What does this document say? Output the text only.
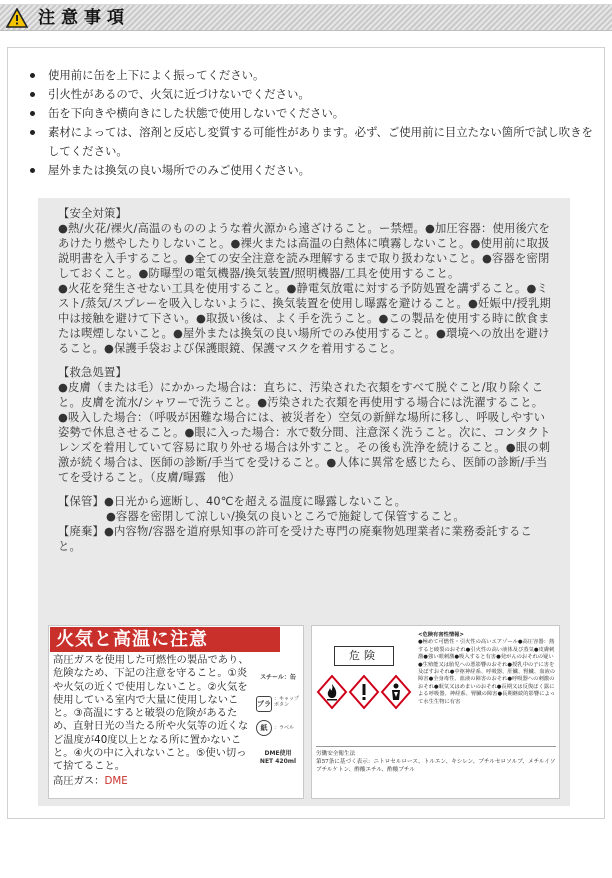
注意事項
使用前に缶を上下によく振ってください。
引火性があるので、火気に近づけないでください。
缶を下向きや横向きにした状態で使用しないでください。
素材によっては、溶剤と反応し変質する可能性があります。必ず、ご使用前に目立たない箇所で試し吹きをしてください。
屋外または換気の良い場所でのみご使用ください。
【安全対策】
●熱/火花/裸火/高温のもののような着火源から遠ざけること。ー禁煙。●加圧容器：使用後穴をあけたり燃やしたりしないこと。●裸火または高温の白熱体に噴霧しないこと。●使用前に取扱説明書を入手すること。●全ての安全注意を読み理解するまで取り扱わないこと。●容器を密閉しておくこと。●防曝型の電気機器/換気装置/照明機器/工具を使用すること。
●火花を発生させない工具を使用すること。●静電気放電に対する予防処置を講ずること。●ミスト/蒸気/スプレーを吸入しないように、換気装置を使用し曝露を避けること。●妊娠中/授乳期中は接触を避けて下さい。●取扱い後は、よく手を洗うこと。●この製品を使用する時に飲食または喫煙しないこと。●屋外または換気の良い場所でのみ使用すること。●環境への放出を避けること。●保護手袋および保護眼鏡、保護マスクを着用すること。
【救急処置】
●皮膚（または毛）にかかった場合は：直ちに、汚染された衣類をすべて脱ぐこと/取り除くこと。皮膚を流水/シャワーで洗うこと。●汚染された衣類を再使用する場合には洗濯すること。●吸入した場合：（呼吸が困難な場合には、被災者を）空気の新鮮な場所に移し、呼吸しやすい姿勢で休息させること。●眼に入った場合：水で数分間、注意深く洗うこと。次に、コンタクトレンズを着用していて容易に取り外せる場合は外すこと。その後も洗浄を続けること。●眼の刺激が続く場合は、医師の診断/手当てを受けること。●人体に異常を感じたら、医師の診断/手当てを受けること。（皮膚/曝露　他）
【保管】●日光から遮断し、40℃を超える温度に曝露しないこと。
●容器を密閉して涼しい/換気の良いところで施錠して保管すること。
【廃棄】●内容物/容器を道府県知事の許可を受けた専門の廃棄物処理業者に業務委託すること。
火気と高温に注意
高圧ガスを使用した可燃性の製品であり、危険なため、下記の注意を守ること。①炎や火気の近くで使用しないこと。②火気を使用している室内で大量に使用しないこと。③高温にすると破裂の危険があるため、直射日光の当たる所や火気等の近くなど温度が40度以上となる所に置かないこと。④火の中に入れないこと。⑤使い切って捨てること。
高圧ガス：DME
スチール：缶
プラ
：キャップ ボタン
紙	：ラベル
DME使用
NET 420ml
危険
<危険有害性情報>
●極めて可燃性・引火性の高いエアゾール●高圧容器：熱すると破裂のおそれ●引火性の高い液体及び蒸気●皮膚刺激●強い眼刺激●吸入すると有害●発がんのおそれの疑い●生殖能又は胎児への悪影響のおそれ●授乳中の子に害を及ぼすおそれ●中枢神経系、呼吸器、肝臓、腎臓、血液の障害●全身毒性、血液の障害のおそれ●呼吸器への刺激のおそれ●眠気又はめまいのおそれ●長期又は反復ばく露による呼吸器、神経系、腎臓の障害●長期継続的影響によって水生生物に有害
労働安全衛生法
第57条に基づく表示：ニトロセルロース、トルエン、キシレン、ブチルセロソルブ、メチルイソブチルケトン、酢酸エチル、酢酸ブチル
